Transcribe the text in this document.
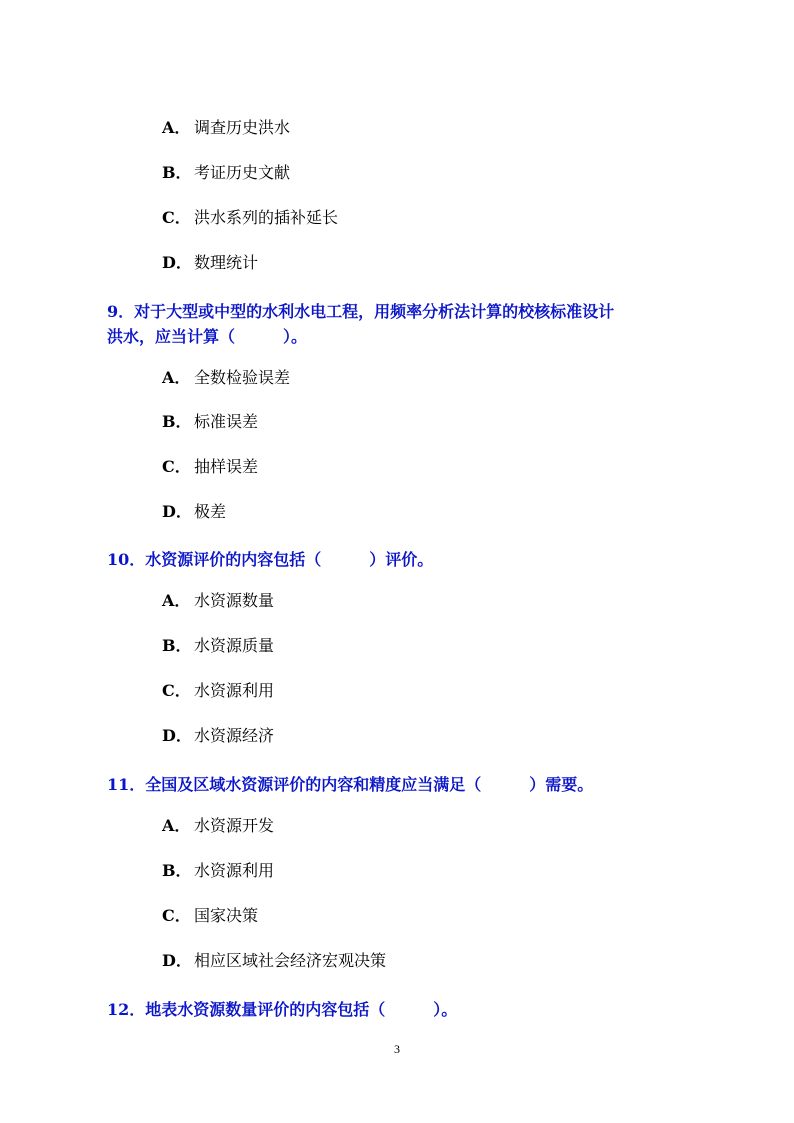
A． 调查历史洪水
B． 考证历史文献
C． 洪水系列的插补延长
D． 数理统计
9．对于大型或中型的水利水电工程，用频率分析法计算的校核标准设计
洪水，应当计算（　　　）。
A． 全数检验误差
B． 标准误差
C． 抽样误差
D． 极差
10．水资源评价的内容包括（　　　）评价。
A． 水资源数量
B． 水资源质量
C． 水资源利用
D． 水资源经济
11．全国及区域水资源评价的内容和精度应当满足（　　　）需要。
A． 水资源开发
B． 水资源利用
C． 国家决策
D． 相应区域社会经济宏观决策
12．地表水资源数量评价的内容包括（　　　）。
3
